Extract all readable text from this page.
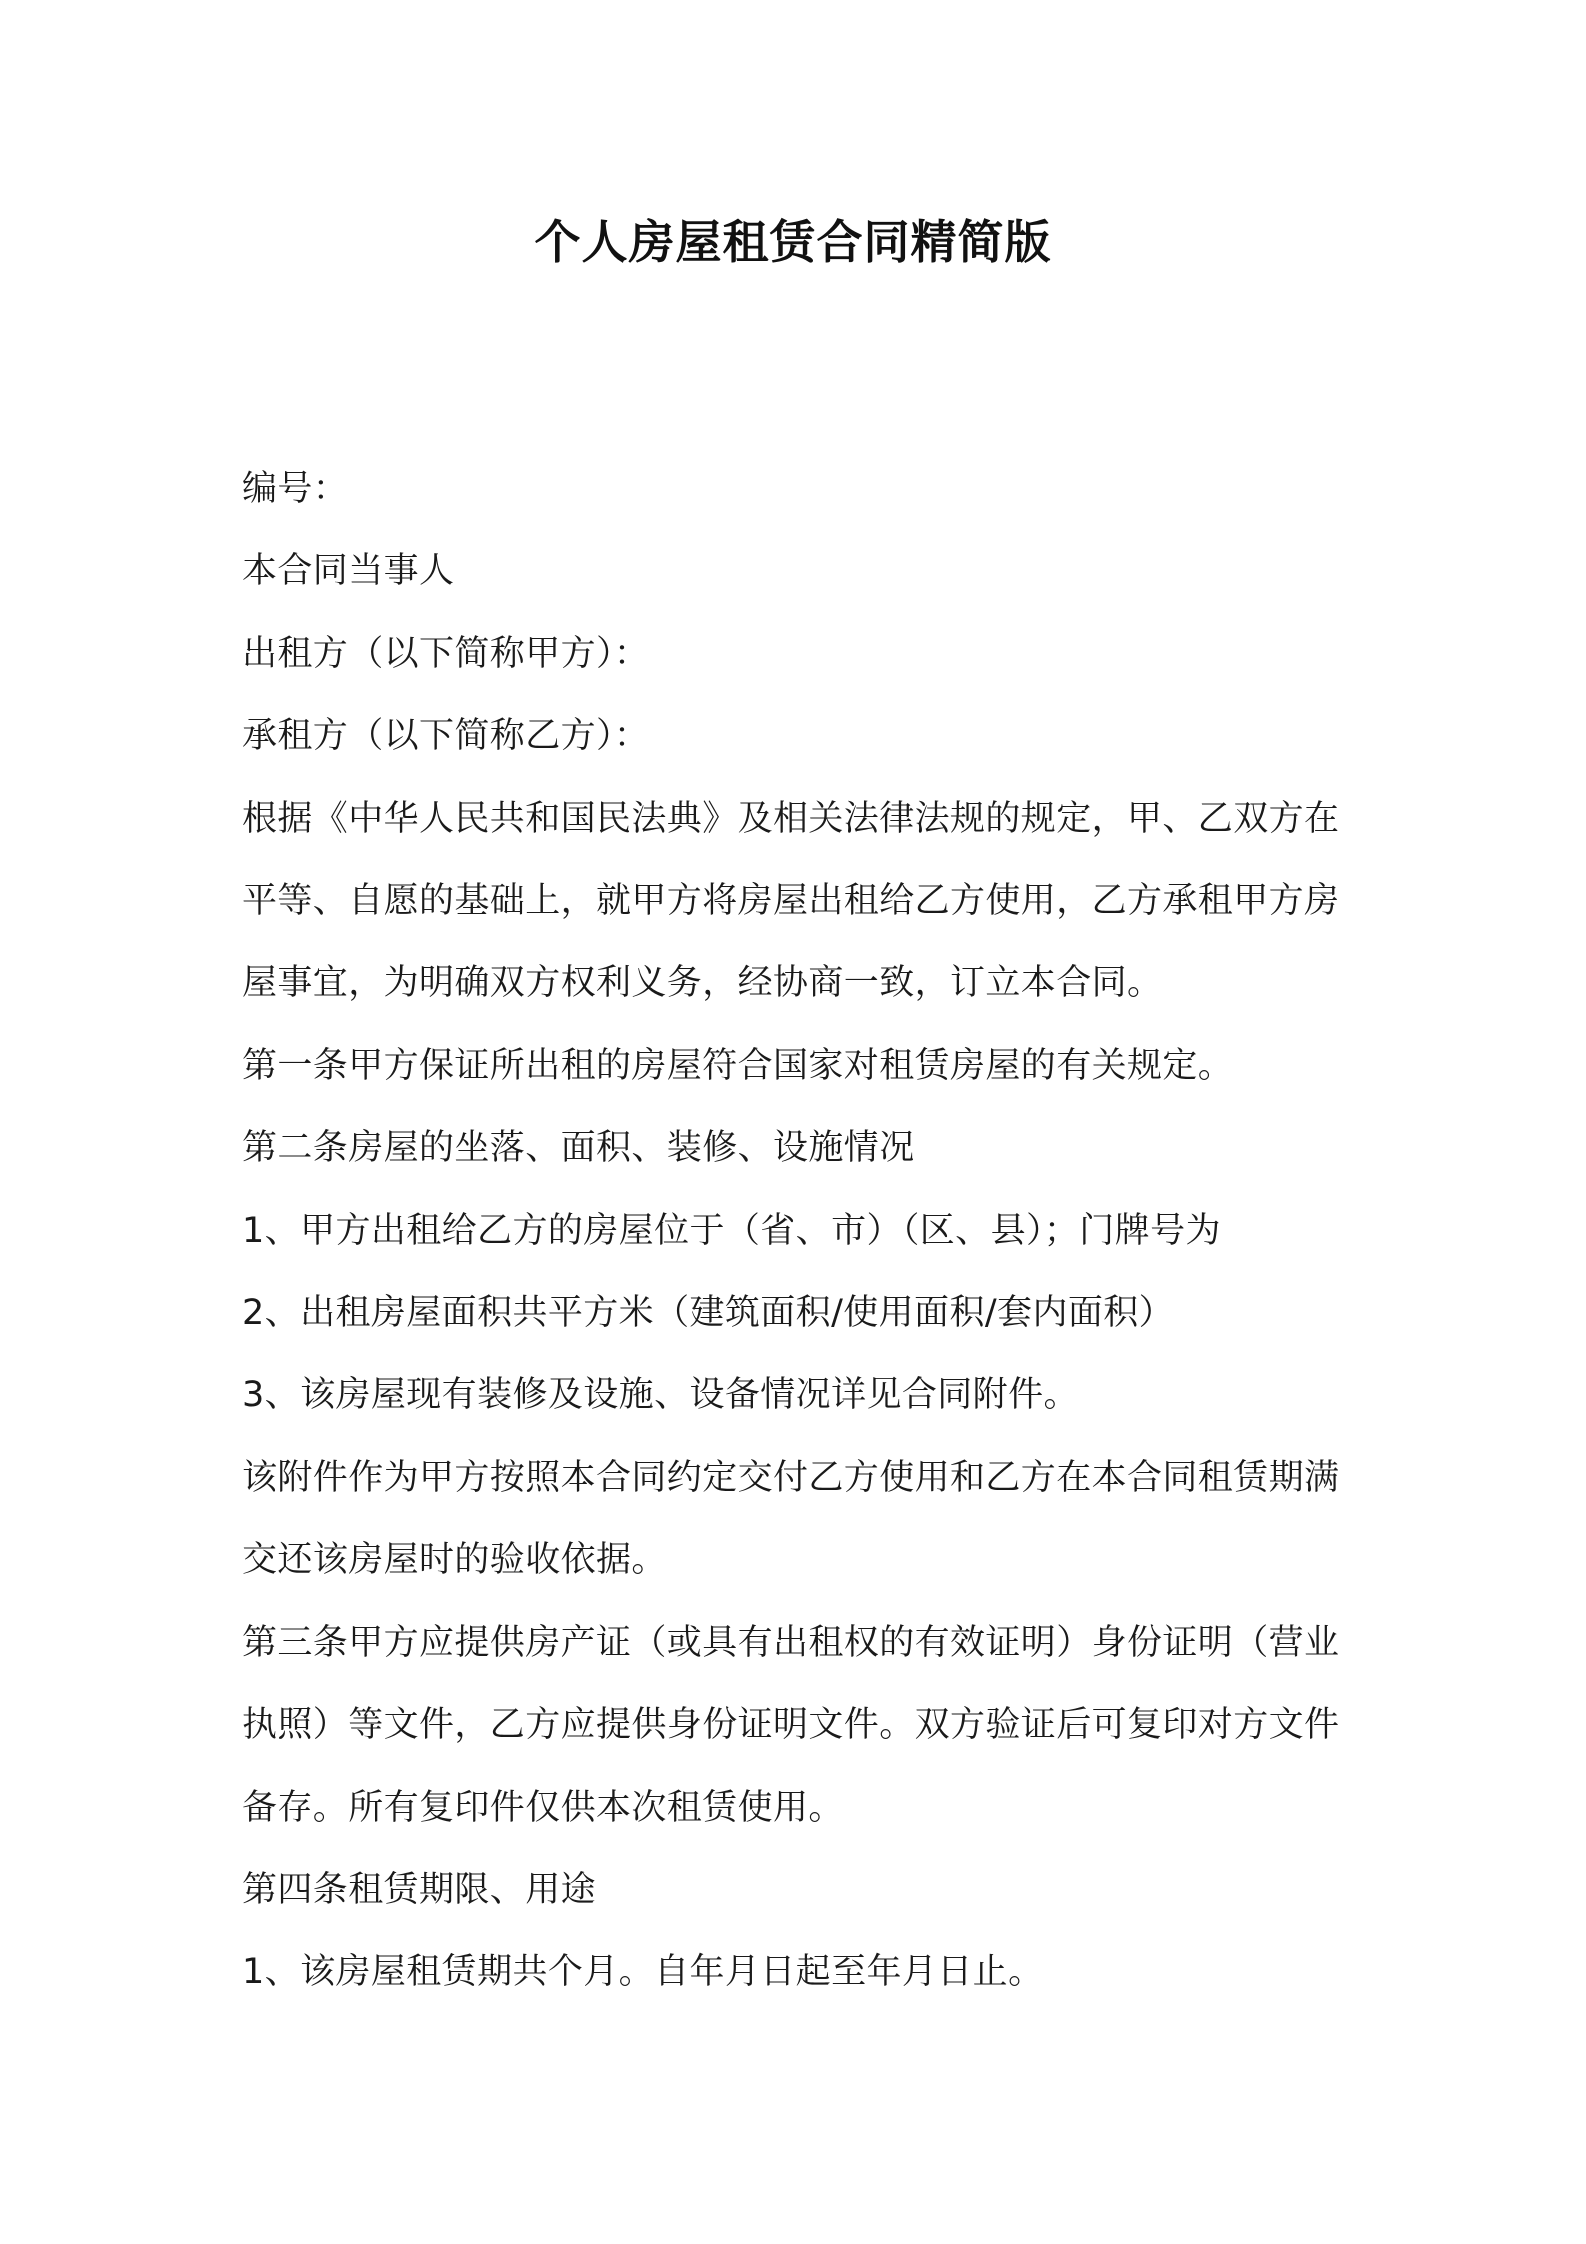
个人房屋租赁合同精简版

编号：

本合同当事人

出租方（以下简称甲方）：

承租方（以下简称乙方）：

根据《中华人民共和国民法典》及相关法律法规的规定，甲、乙双方在平等、自愿的基础上，就甲方将房屋出租给乙方使用，乙方承租甲方房屋事宜，为明确双方权利义务，经协商一致，订立本合同。

第一条甲方保证所出租的房屋符合国家对租赁房屋的有关规定。

第二条房屋的坐落、面积、装修、设施情况

1、甲方出租给乙方的房屋位于（省、市）（区、县）；门牌号为

2、出租房屋面积共平方米（建筑面积/使用面积/套内面积）

3、该房屋现有装修及设施、设备情况详见合同附件。

该附件作为甲方按照本合同约定交付乙方使用和乙方在本合同租赁期满交还该房屋时的验收依据。

第三条甲方应提供房产证（或具有出租权的有效证明）身份证明（营业执照）等文件，乙方应提供身份证明文件。双方验证后可复印对方文件备存。所有复印件仅供本次租赁使用。

第四条租赁期限、用途

1、该房屋租赁期共个月。自年月日起至年月日止。
